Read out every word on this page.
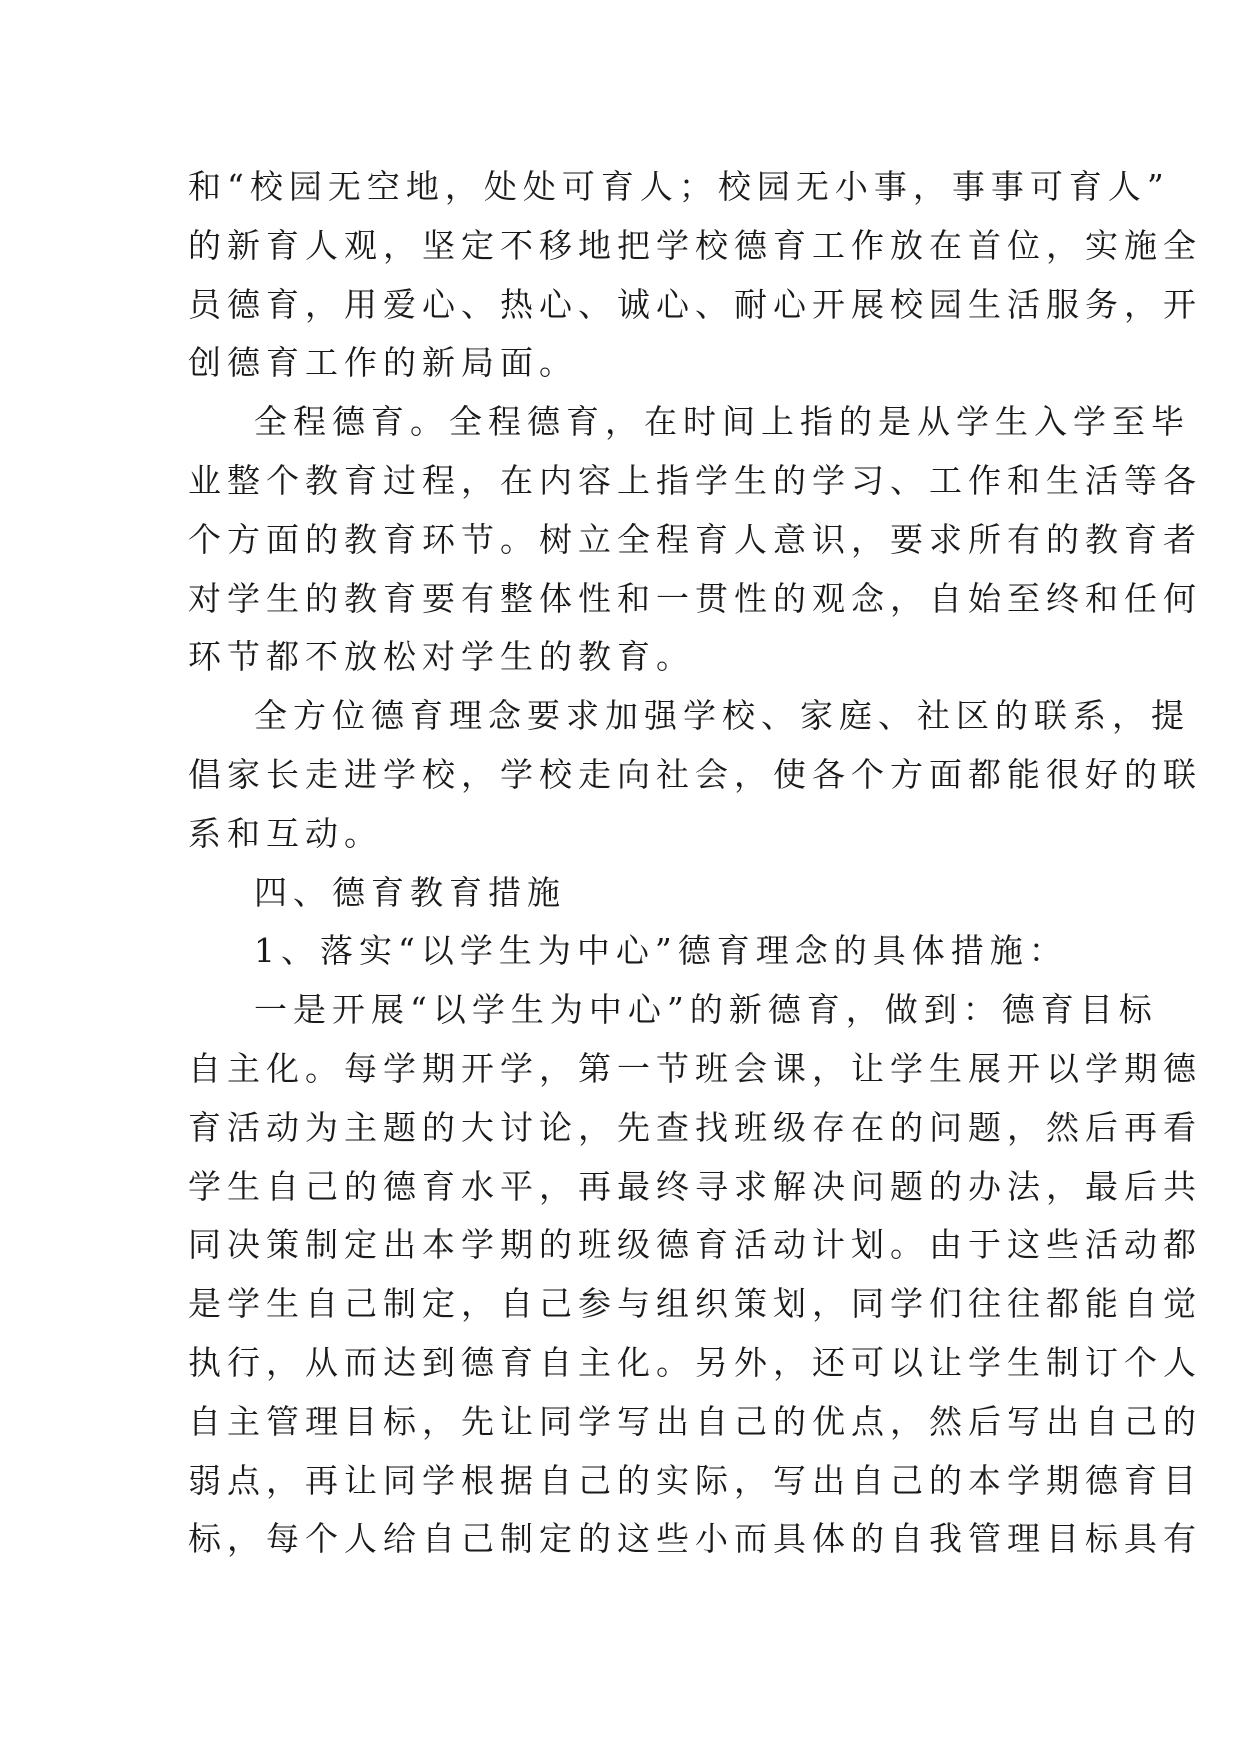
和“校园无空地，处处可育人；校园无小事，事事可育人”
的新育人观，坚定不移地把学校德育工作放在首位，实施全
员德育，用爱心、热心、诚心、耐心开展校园生活服务，开
创德育工作的新局面。
全程德育。全程德育，在时间上指的是从学生入学至毕
业整个教育过程，在内容上指学生的学习、工作和生活等各
个方面的教育环节。树立全程育人意识，要求所有的教育者
对学生的教育要有整体性和一贯性的观念，自始至终和任何
环节都不放松对学生的教育。
全方位德育理念要求加强学校、家庭、社区的联系，提
倡家长走进学校，学校走向社会，使各个方面都能很好的联
系和互动。
四、德育教育措施
1、落实“以学生为中心”德育理念的具体措施：
一是开展“以学生为中心”的新德育，做到：德育目标
自主化。每学期开学，第一节班会课，让学生展开以学期德
育活动为主题的大讨论，先查找班级存在的问题，然后再看
学生自己的德育水平，再最终寻求解决问题的办法，最后共
同决策制定出本学期的班级德育活动计划。由于这些活动都
是学生自己制定，自己参与组织策划，同学们往往都能自觉
执行，从而达到德育自主化。另外，还可以让学生制订个人
自主管理目标，先让同学写出自己的优点，然后写出自己的
弱点，再让同学根据自己的实际，写出自己的本学期德育目
标，每个人给自己制定的这些小而具体的自我管理目标具有
